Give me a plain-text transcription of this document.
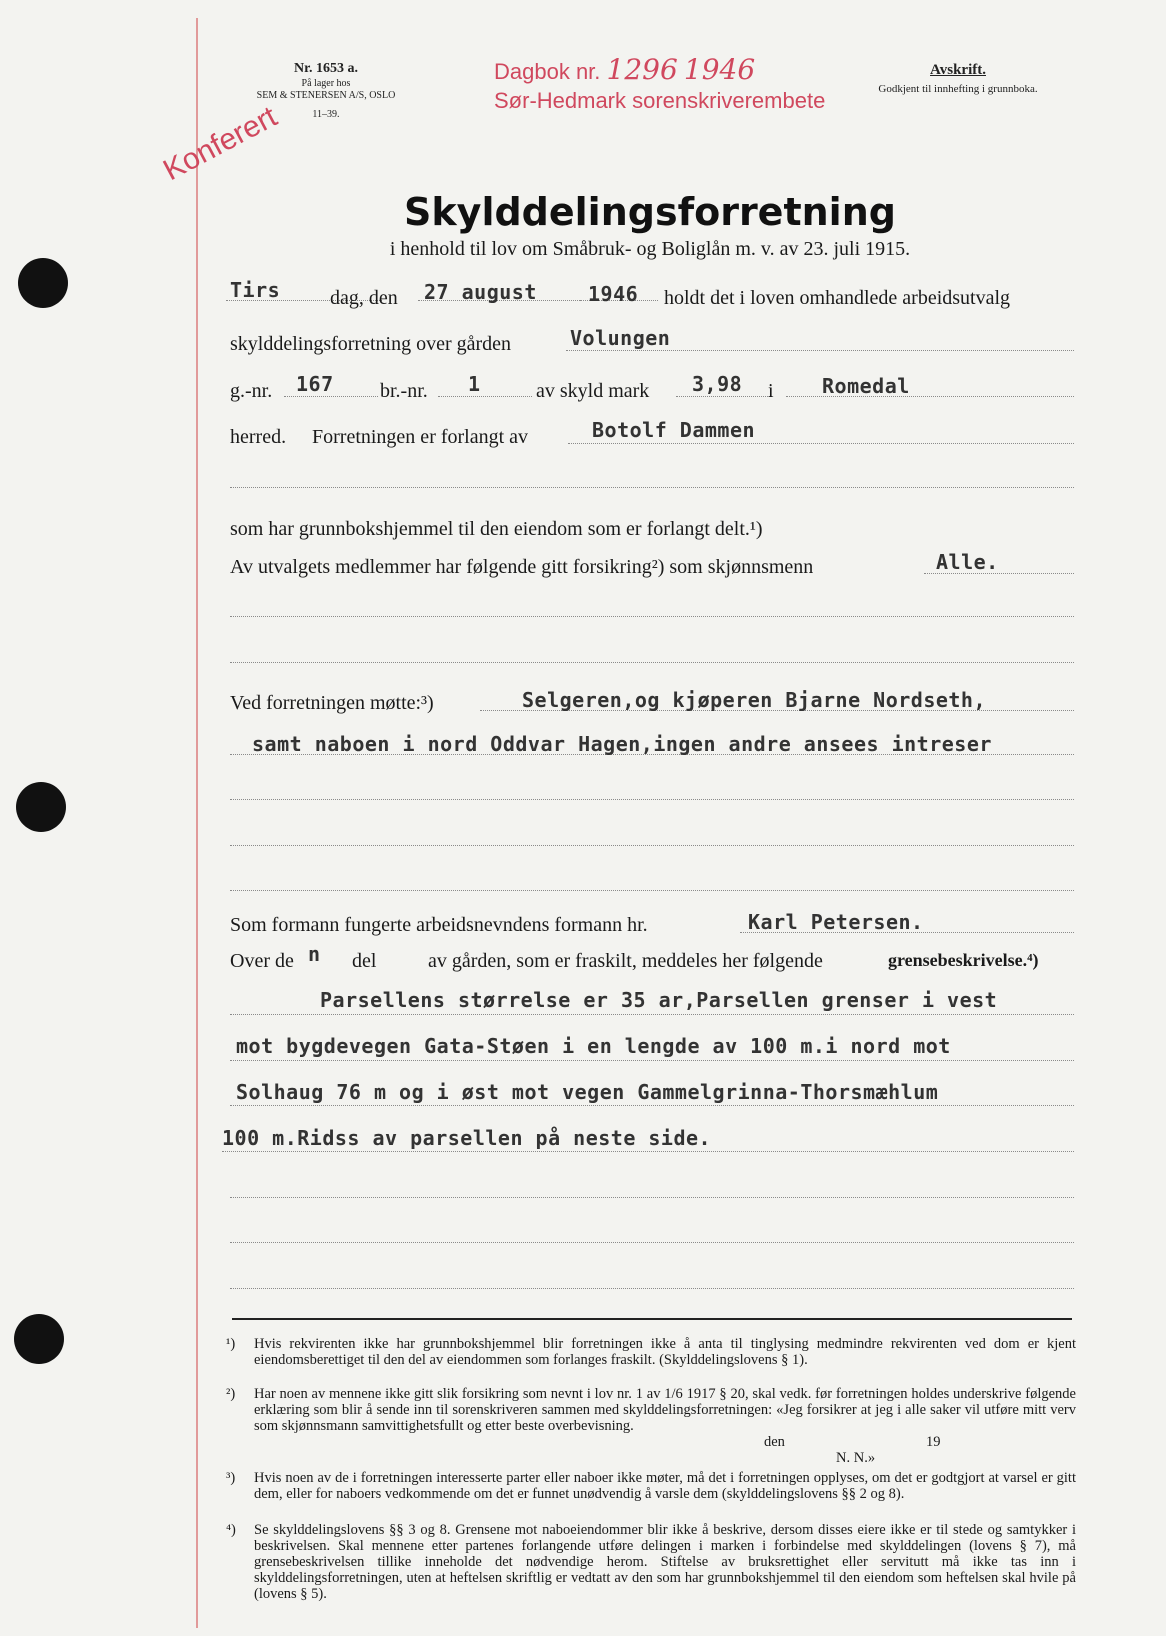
Nr. 1653 a.
På lager hos
SEM & STENERSEN A/S, OSLO
11–39.
Avskrift.
Godkjent til innhefting i grunnboka.
Dagbok nr. 1296 1946
Sør-Hedmark sorenskriverembete
Konferert
Skylddelingsforretning
i henhold til lov om Småbruk- og Boliglån m. v. av 23. juli 1915.
Tirs dag, den 27 august	1946 holdt det i loven omhandlede arbeidsutvalg
skylddelingsforretning over gården	Volungen
g.-nr. 167 br.-nr. 1	av skyld mark 3,98 i Romedal
herred. Forretningen er forlangt av	Botolf Dammen
som har grunnbokshjemmel til den eiendom som er forlangt delt.¹)
Av utvalgets medlemmer har følgende gitt forsikring²) som skjønnsmenn	Alle.
Ved forretningen møtte:³)	Selgeren,og kjøperen Bjarne Nordseth,
samt naboen i nord Oddvar Hagen,ingen andre ansees intreser
Som formann fungerte arbeidsnevndens formann hr.	Karl Petersen.
Over de n del	av gården, som er fraskilt, meddeles her følgende	grensebeskrivelse.⁴)
Parsellens størrelse er 35 ar,Parsellen grenser i vest
mot bygdevegen Gata-Støen i en lengde av 100 m.i nord mot
Solhaug 76 m og i øst mot vegen Gammelgrinna-Thorsmæhlum
100 m.Ridss av parsellen på neste side.
¹) Hvis rekvirenten ikke har grunnbokshjemmel blir forretningen ikke å anta til tinglysing medmindre rekvirenten ved dom er kjent eiendomsberettiget til den del av eiendommen som forlanges fraskilt. (Skylddelingslovens § 1).
²) Har noen av mennene ikke gitt slik forsikring som nevnt i lov nr. 1 av 1/6 1917 § 20, skal vedk. før forretningen holdes underskrive følgende erklæring som blir å sende inn til sorenskriveren sammen med skylddelingsforretningen: «Jeg forsikrer at jeg i alle saker vil utføre mitt verv som skjønnsmann samvittighetsfullt og etter beste overbevisning.
den	19
N. N.»
³) Hvis noen av de i forretningen interesserte parter eller naboer ikke møter, må det i forretningen opplyses, om det er godtgjort at varsel er gitt dem, eller for naboers vedkommende om det er funnet unødvendig å varsle dem (skylddelingslovens §§ 2 og 8).
⁴) Se skylddelingslovens §§ 3 og 8. Grensene mot naboeiendommer blir ikke å beskrive, dersom disses eiere ikke er til stede og samtykker i beskrivelsen. Skal mennene etter partenes forlangende utføre delingen i marken i forbindelse med skylddelingen (lovens § 7), må grensebeskrivelsen tillike inneholde det nødvendige herom. Stiftelse av bruksrettighet eller servitutt må ikke tas inn i skylddelingsforretningen, uten at heftelsen skriftlig er vedtatt av den som har grunnbokshjemmel til den eiendom som heftelsen skal hvile på (lovens § 5).
